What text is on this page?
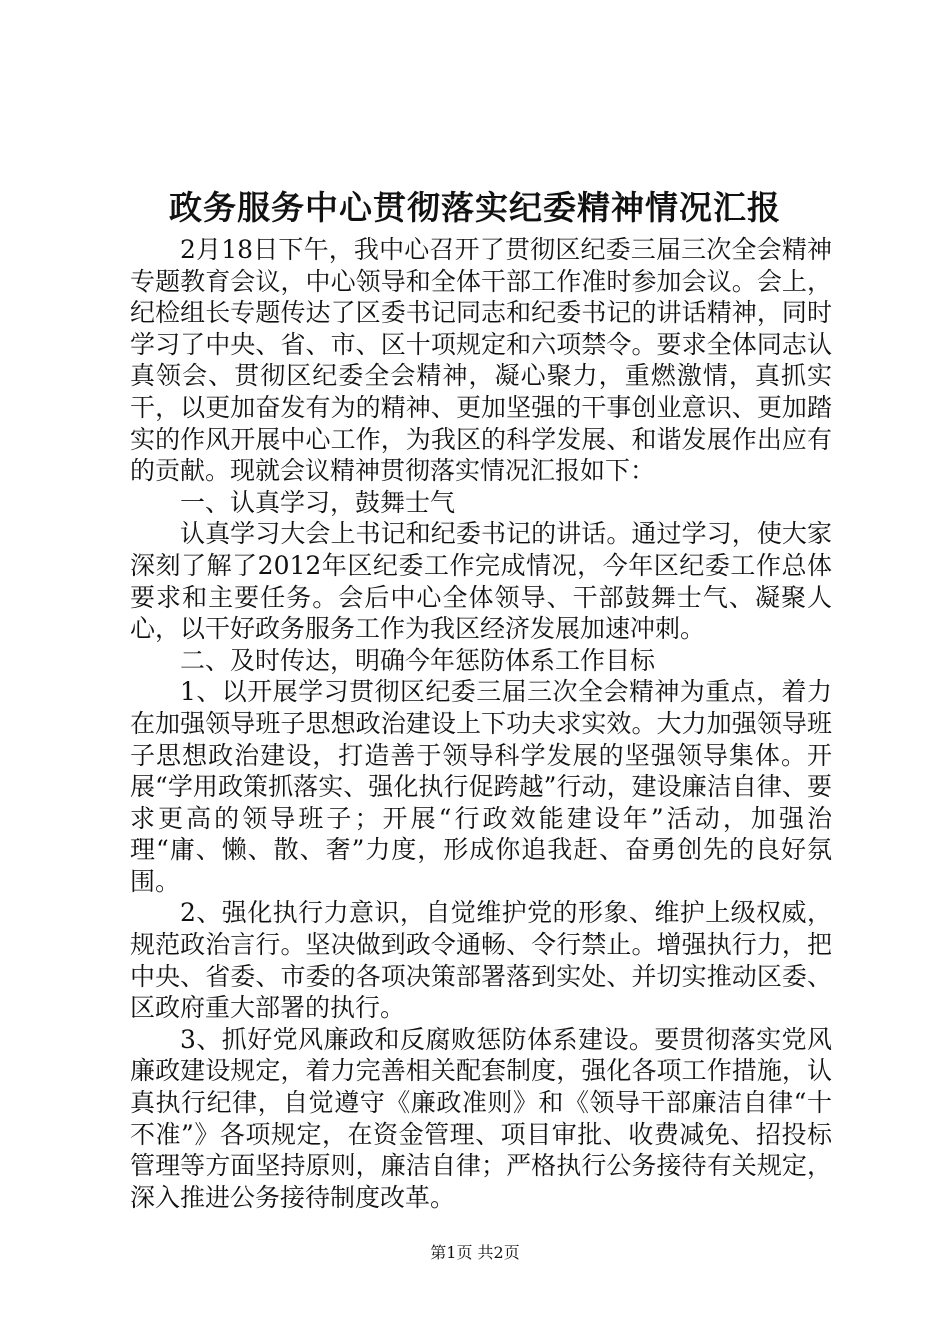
政务服务中心贯彻落实纪委精神情况汇报

2月18日下午，我中心召开了贯彻区纪委三届三次全会精神专题教育会议，中心领导和全体干部工作准时参加会议。会上，纪检组长专题传达了区委书记同志和纪委书记的讲话精神，同时学习了中央、省、市、区十项规定和六项禁令。要求全体同志认真领会、贯彻区纪委全会精神，凝心聚力，重燃激情，真抓实干，以更加奋发有为的精神、更加坚强的干事创业意识、更加踏实的作风开展中心工作，为我区的科学发展、和谐发展作出应有的贡献。现就会议精神贯彻落实情况汇报如下：

一、认真学习，鼓舞士气

认真学习大会上书记和纪委书记的讲话。通过学习，使大家深刻了解了2012年区纪委工作完成情况，今年区纪委工作总体要求和主要任务。会后中心全体领导、干部鼓舞士气、凝聚人心，以干好政务服务工作为我区经济发展加速冲刺。

二、及时传达，明确今年惩防体系工作目标

1、以开展学习贯彻区纪委三届三次全会精神为重点，着力在加强领导班子思想政治建设上下功夫求实效。大力加强领导班子思想政治建设，打造善于领导科学发展的坚强领导集体。开展“学用政策抓落实、强化执行促跨越”行动，建设廉洁自律、要求更高的领导班子；开展“行政效能建设年”活动，加强治理“庸、懒、散、奢”力度，形成你追我赶、奋勇创先的良好氛围。

2、强化执行力意识，自觉维护党的形象、维护上级权威，规范政治言行。坚决做到政令通畅、令行禁止。增强执行力，把中央、省委、市委的各项决策部署落到实处、并切实推动区委、区政府重大部署的执行。

3、抓好党风廉政和反腐败惩防体系建设。要贯彻落实党风廉政建设规定，着力完善相关配套制度，强化各项工作措施，认真执行纪律，自觉遵守《廉政准则》和《领导干部廉洁自律“十不准”》各项规定，在资金管理、项目审批、收费减免、招投标管理等方面坚持原则，廉洁自律；严格执行公务接待有关规定，深入推进公务接待制度改革。

第1页 共2页
